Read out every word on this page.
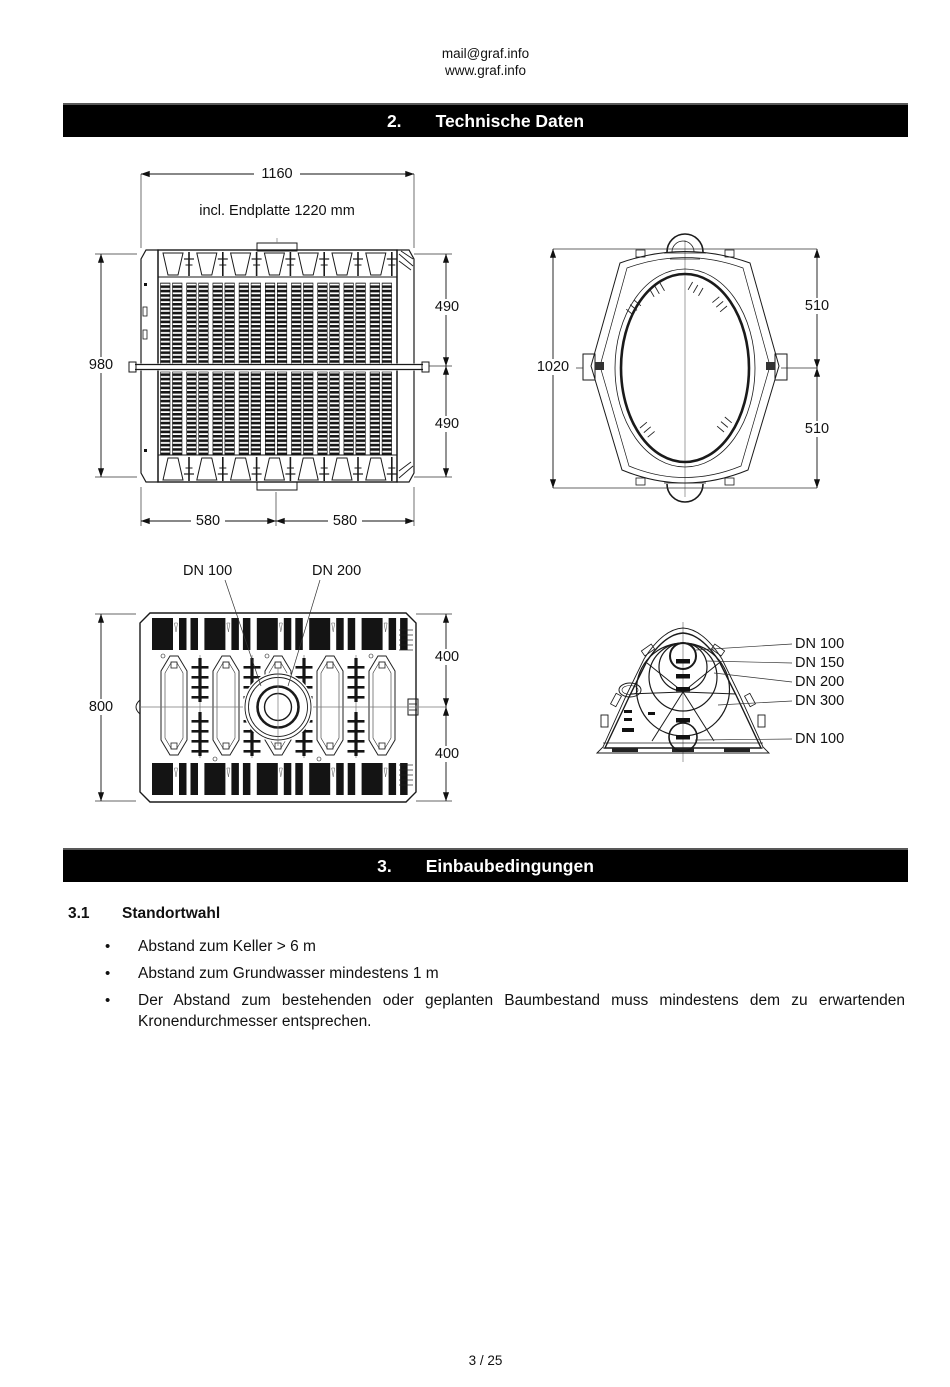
mail@graf.info
www.graf.info
2. Technische Daten
1160
incl. Endplatte 1220 mm
980
490
490
580	580
1020
510
510
DN 100	DN 200
800
400
400
DN 100
DN 150
DN 200
DN 300
DN 100
3. Einbaubedingungen
3.1	Standortwahl
•
Abstand zum Keller > 6 m
•
Abstand zum Grundwasser mindestens 1 m
•
Der Abstand zum bestehenden oder geplanten Baumbestand muss mindestens dem zu erwartenden Kronendurchmesser entsprechen.
3 / 25
